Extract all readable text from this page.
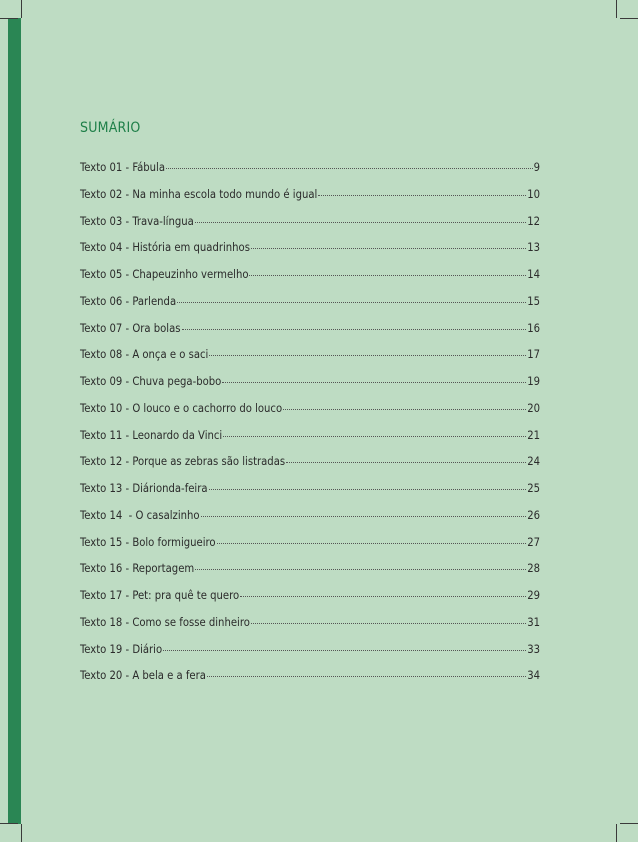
SUMÁRIO
Texto 01 - Fábula	9
Texto 02 - Na minha escola todo mundo é igual	10
Texto 03 - Trava-língua	12
Texto 04 - História em quadrinhos	13
Texto 05 - Chapeuzinho vermelho	14
Texto 06 - Parlenda	15
Texto 07 - Ora bolas	16
Texto 08 - A onça e o saci	17
Texto 09 - Chuva pega-bobo	19
Texto 10 - O louco e o cachorro do louco	20
Texto 11 - Leonardo da Vinci	21
Texto 12 - Porque as zebras são listradas	24
Texto 13 - Diárionda-feira	25
Texto 14  - O casalzinho	26
Texto 15 - Bolo formigueiro	27
Texto 16 - Reportagem	28
Texto 17 - Pet: pra quê te quero	29
Texto 18 - Como se fosse dinheiro	31
Texto 19 - Diário	33
Texto 20 - A bela e a fera	34
